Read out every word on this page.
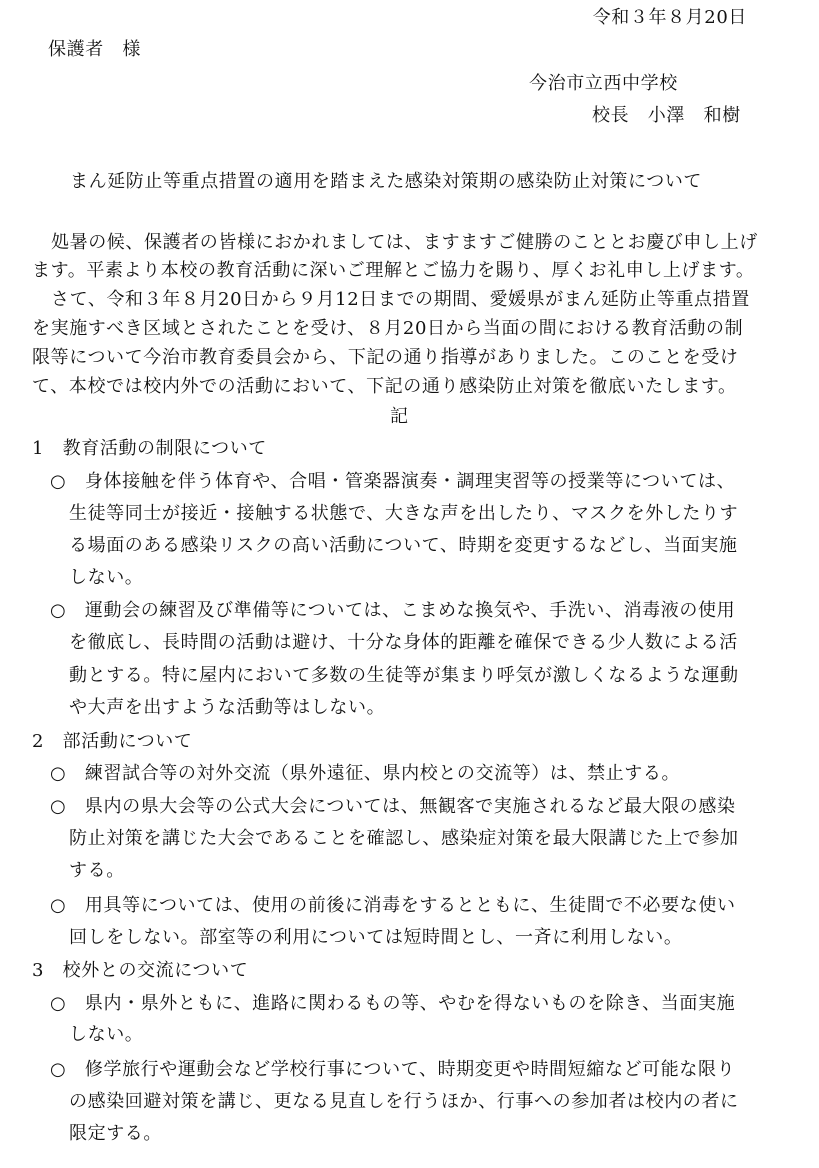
令和３年８月20日
保護者　様
今治市立西中学校
校長　小澤　和樹
まん延防止等重点措置の適用を踏まえた感染対策期の感染防止対策について
処暑の候、保護者の皆様におかれましては、ますますご健勝のこととお慶び申し上げ
ます。平素より本校の教育活動に深いご理解とご協力を賜り、厚くお礼申し上げます。
さて、令和３年８月20日から９月12日までの期間、愛媛県がまん延防止等重点措置
を実施すべき区域とされたことを受け、８月20日から当面の間における教育活動の制
限等について今治市教育委員会から、下記の通り指導がありました。このことを受け
て、本校では校内外での活動において、下記の通り感染防止対策を徹底いたします。
記
1　教育活動の制限について
○　身体接触を伴う体育や、合唱・管楽器演奏・調理実習等の授業等については、
生徒等同士が接近・接触する状態で、大きな声を出したり、マスクを外したりす
る場面のある感染リスクの高い活動について、時期を変更するなどし、当面実施
しない。
○　運動会の練習及び準備等については、こまめな換気や、手洗い、消毒液の使用
を徹底し、長時間の活動は避け、十分な身体的距離を確保できる少人数による活
動とする。特に屋内において多数の生徒等が集まり呼気が激しくなるような運動
や大声を出すような活動等はしない。
2　部活動について
○　練習試合等の対外交流（県外遠征、県内校との交流等）は、禁止する。
○　県内の県大会等の公式大会については、無観客で実施されるなど最大限の感染
防止対策を講じた大会であることを確認し、感染症対策を最大限講じた上で参加
する。
○　用具等については、使用の前後に消毒をするとともに、生徒間で不必要な使い
回しをしない。部室等の利用については短時間とし、一斉に利用しない。
3　校外との交流について
○　県内・県外ともに、進路に関わるもの等、やむを得ないものを除き、当面実施
しない。
○　修学旅行や運動会など学校行事について、時期変更や時間短縮など可能な限り
の感染回避対策を講じ、更なる見直しを行うほか、行事への参加者は校内の者に
限定する。
